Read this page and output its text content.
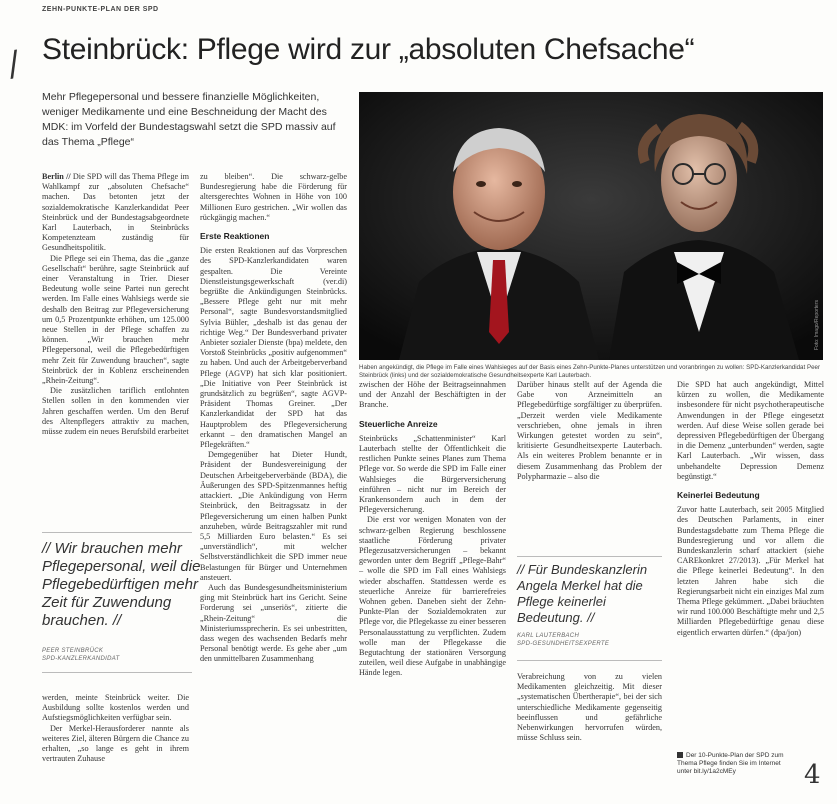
ZEHN-PUNKTE-PLAN DER SPD
/ Steinbrück: Pflege wird zur „absoluten Chefsache“
Mehr Pflegepersonal und bessere finanzielle Möglichkeiten, weniger Medikamente und eine Beschneidung der Macht des MDK: im Vorfeld der Bundestagswahl setzt die SPD massiv auf das Thema „Pflege“
Foto: Imago/Reporters
Haben angekündigt, die Pflege im Falle eines Wahlsieges auf der Basis eines Zehn-Punkte-Planes unterstützen und voranbringen zu wollen: SPD-Kanzlerkandidat Peer Steinbrück (links) und der sozialdemokratische Gesundheitsexperte Karl Lauterbach.

Berlin // Die SPD will das Thema Pflege im Wahlkampf zur „absoluten Chefsache“ machen. Das betonten jetzt der sozialdemokratische Kanzlerkandidat Peer Steinbrück und der Bundestagsabgeordnete Karl Lauterbach, in Steinbrücks Kompetenzteam zuständig für Gesundheitspolitik.

Die Pflege sei ein Thema, das die „ganze Gesellschaft“ berühre, sagte Steinbrück auf einer Veranstaltung in Trier. Dieser Bedeutung wolle seine Partei nun gerecht werden. Im Falle eines Wahlsiegs werde sie deshalb den Beitrag zur Pflegeversicherung um 0,5 Prozentpunkte erhöhen, um 125.000 neue Stellen in der Pflege schaffen zu können. „Wir brauchen mehr Pflegepersonal, weil die Pflegebedürftigen mehr Zeit für Zuwendung brauchen“, sagte Steinbrück der in Koblenz erscheinenden „Rhein-Zeitung“.

Die zusätzlichen tariflich entlohnten Stellen sollen in den kommenden vier Jahren geschaffen werden. Um den Beruf des Altenpflegers attraktiv zu machen, müsse zudem ein neues Berufsbild erarbeitet

// Wir brauchen mehr Pflegepersonal, weil die Pflegebedürftigen mehr Zeit für Zuwendung brauchen. //
PEER STEINBRÜCK
SPD-KANZLERKANDIDAT

werden, meinte Steinbrück weiter. Die Ausbildung sollte kostenlos werden und Aufstiegsmöglichkeiten verfügbar sein.

Der Merkel-Herausforderer nannte als weiteres Ziel, älteren Bürgern die Chance zu erhalten, „so lange es geht in ihrem vertrauten Zuhause

zu bleiben“. Die schwarz-gelbe Bundesregierung habe die Förderung für altersgerechtes Wohnen in Höhe von 100 Millionen Euro gestrichen. „Wir wollen das rückgängig machen.“

Erste Reaktionen

Die ersten Reaktionen auf das Vorpreschen des SPD-Kanzlerkandidaten waren gespalten. Die Vereinte Dienstleistungsgewerkschaft (ver.di) begrüßte die Ankündigungen Steinbrücks. „Bessere Pflege geht nur mit mehr Personal“, sagte Bundesvorstandsmitglied Sylvia Bühler, „deshalb ist das genau der richtige Weg.“ Der Bundesverband privater Anbieter sozialer Dienste (bpa) meldete, den Vorstoß Steinbrücks „positiv aufgenommen“ zu haben. Und auch der Arbeitgeberverband Pflege (AGVP) hat sich klar positioniert. „Die Initiative von Peer Steinbrück ist grundsätzlich zu begrüßen“, sagte AGVP-Präsident Thomas Greiner. „Der Kanzlerkandidat der SPD hat das Hauptproblem des Pflegeversicherung erkannt – den dramatischen Mangel an Pflegekräften.“

Demgegenüber hat Dieter Hundt, Präsident der Bundesvereinigung der Deutschen Arbeitgeberverbände (BDA), die Äußerungen des SPD-Spitzenmannes heftig attackiert. „Die Ankündigung von Herrn Steinbrück, den Beitragssatz in der Pflegeversicherung um einen halben Punkt anzuheben, würde Beitragszahler mit rund 5,5 Milliarden Euro belasten.“ Es sei „unverständlich“, mit welcher Selbstverständlichkeit die SPD immer neue Belastungen für Bürger und Unternehmen ansteuert.

Auch das Bundesgesundheitsministerium ging mit Steinbrück hart ins Gericht. Seine Forderung sei „unseriös“, zitierte die „Rhein-Zeitung“ die Ministeriumssprecherin. Es sei unbestritten, dass wegen des wachsenden Bedarfs mehr Personal benötigt werde. Es gehe aber „um den unmittelbaren Zusammenhang

zwischen der Höhe der Beitragseinnahmen und der Anzahl der Beschäftigten in der Branche.

Steuerliche Anreize

Steinbrücks „Schattenminister“ Karl Lauterbach stellte der Öffentlichkeit die restlichen Punkte seines Planes zum Thema Pflege vor. So werde die SPD im Falle einer Wahlsieges die Bürgerversicherung einführen – nicht nur im Bereich der Krankensondern auch in dem der Pflegeversicherung.

Die erst vor wenigen Monaten von der schwarz-gelben Regierung beschlossene staatliche Förderung privater Pflegezusatzversicherungen – bekannt geworden unter dem Begriff „Pflege-Bahr“ – wolle die SPD im Fall eines Wahlsiegs wieder abschaffen. Stattdessen werde es steuerliche Anreize für barrierefreies Wohnen geben. Daneben sieht der Zehn-Punkte-Plan der Sozialdemokraten zur Pflege vor, die Pflegekasse zu einer besseren Personalausstattung zu verpflichten. Zudem wolle man der Pflegekasse die Begutachtung der stationären Versorgung zuteilen, weil diese Aufgabe in unabhängige Hände legen.

Darüber hinaus stellt auf der Agenda die Gabe von Arzneimitteln an Pflegebedürftige sorgfältiger zu überprüfen. „Derzeit werden viele Medikamente verschrieben, ohne jemals in ihren Wirkungen getestet worden zu sein“, kritisierte Gesundheitsexperte Lauterbach. Als ein weiteres Problem benannte er in diesem Zusammenhang das Problem der Polypharmazie – also die

// Für Bundeskanzlerin Angela Merkel hat die Pflege keinerlei Bedeutung. //
KARL LAUTERBACH
SPD-GESUNDHEITSEXPERTE

Verabreichung von zu vielen Medikamenten gleichzeitig. Mit dieser „systematischen Übertherapie“, bei der sich unterschiedliche Medikamente gegenseitig beeinflussen und gefährliche Nebenwirkungen hervorrufen würden, müsse Schluss sein.

Die SPD hat auch angekündigt, Mittel kürzen zu wollen, die Medikamente insbesondere für nicht psychotherapeutische Anwendungen in der Pflege eingesetzt werden. Auf diese Weise sollen gerade bei depressiven Pflegebedürftigen der Übergang in die Demenz „unterbunden“ werden, sagte Karl Lauterbach. „Wir wissen, dass unbehandelte Depression Demenz begünstigt.“

Keinerlei Bedeutung

Zuvor hatte Lauterbach, seit 2005 Mitglied des Deutschen Parlaments, in einer Bundestagsdebatte zum Thema Pflege die Bundesregierung und vor allem die Bundeskanzlerin scharf attackiert (siehe CAREkonkret 27/2013). „Für Merkel hat die Pflege keinerlei Bedeutung“. In den letzten Jahren habe sich die Regierungsarbeit nicht ein einziges Mal zum Thema Pflege gekümmert. „Dabei bräuchten wir rund 100.000 Beschäftigte mehr und 2,5 Milliarden Pflegebedürftige genau diese eigentlich erwarten dürfen.“ (dpa/jon)

Der 10-Punkte-Plan der SPD zum Thema Pflege finden Sie im Internet unter bit.ly/1a2cMEy	4
